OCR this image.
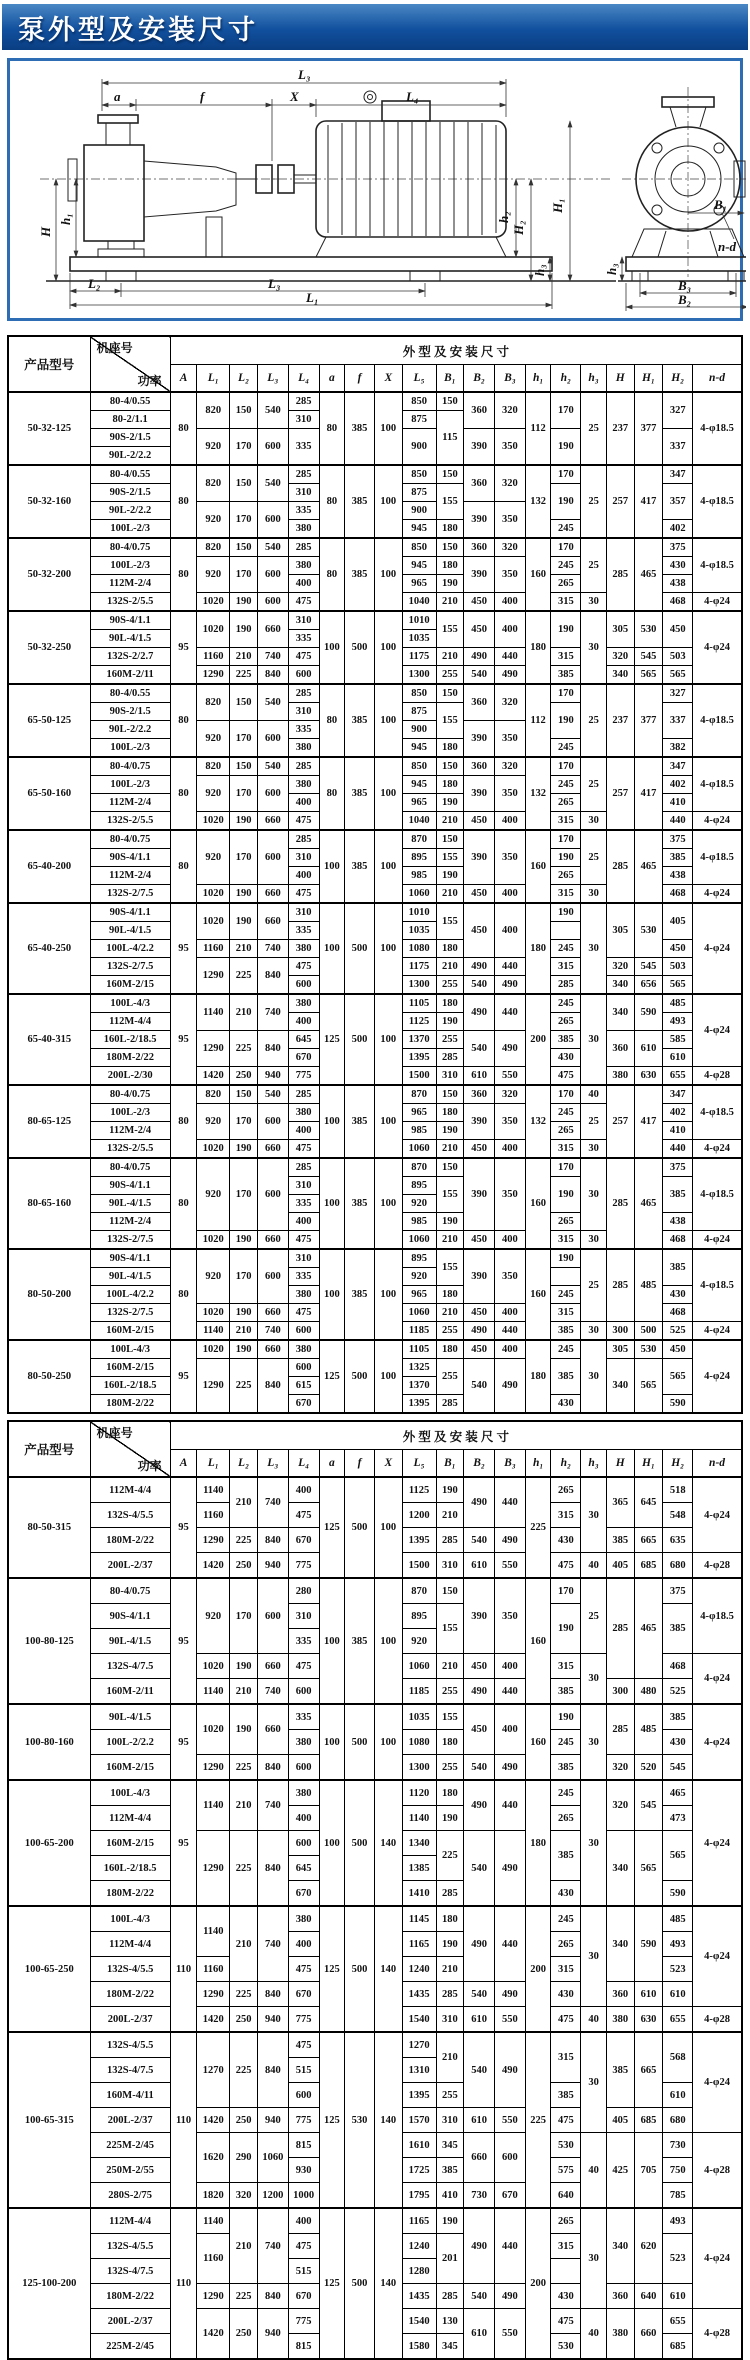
泵外型及安装尺寸
L₃
a	f	X	L₄
h₂
H₂
h₃
H₁
H
h₁
L₂	L₃
L₁
B₁
n-d
h₃
B₃
B₂
产品型号	机座号
功率	外 型 及 安 装 尺 寸																		
		A	L₁	L₂	L₃	L₄	a	f	X	L₅	B₁	B₂	B₃	h₁	h₂	h₃	H	H₁	H₂	n-d
50-32-125	80-4/0.55	80	820	150	540	285	80	385	100	850	150	360	320	112	170	25	237	377	327	4-φ18.5
	80-2/1.1					310				875	115									
	90S-2/1.5		920	170	600	335				900		390	350		190				337	
	90L-2/2.2																			
50-32-160	80-4/0.55	80	820	150	540	285	80	385	100	850	150	360	320	132	170	25	257	417	347	4-φ18.5
	90S-2/1.5					310				875	155				190				357	
	90L-2/2.2		920	170	600	335				900		390	350							
	100L-2/3					380				945	180				245				402	
50-32-200	80-4/0.75	80	820	150	540	285	80	385	100	850	150	360	320	160	170	25	285	465	375	4-φ18.5
	100L-2/3		920	170	600	380				945	180	390	350		245				430	
	112M-2/4					400				965	190				265				438	
	132S-2/5.5		1020	190	600	475				1040	210	450	400		315	30			468	4-φ24
50-32-250	90S-4/1.1	95	1020	190	660	310	100	500	100	1010	155	450	400	180	190	30	305	530	450	4-φ24
	90L-4/1.5					335				1035										
	132S-2/2.7		1160	210	740	475				1175	210	490	440		315		320	545	503	
	160M-2/11		1290	225	840	600				1300	255	540	490		385		340	565	565	
65-50-125	80-4/0.55	80	820	150	540	285	80	385	100	850	150	360	320	112	170	25	237	377	327	4-φ18.5
	90S-2/1.5					310				875	155				190				337	
	90L-2/2.2		920	170	600	335				900		390	350							
	100L-2/3					380				945	180				245				382	
65-50-160	80-4/0.75	80	820	150	540	285	80	385	100	850	150	360	320	132	170	25	257	417	347	4-φ18.5
	100L-2/3		920	170	600	380				945	180	390	350		245				402	
	112M-2/4					400				965	190				265				410	
	132S-2/5.5		1020	190	660	475				1040	210	450	400		315	30			440	4-φ24
65-40-200	80-4/0.75	80	920	170	600	285	100	385	100	870	150	390	350	160	170	25	285	465	375	4-φ18.5
	90S-4/1.1					310				895	155				190				385	
	112M-2/4					400				985	190				265				438	
	132S-2/7.5		1020	190	660	475				1060	210	450	400		315	30			468	4-φ24
65-40-250	90S-4/1.1	95	1020	190	660	310	100	500	100	1010	155	450	400	180	190	30	305	530	405	4-φ24
	90L-4/1.5					335				1035										
	100L-4/2.2		1160	210	740	380				1080	180				245				450	
	132S-2/7.5		1290	225	840	475				1175	210	490	440		315		320	545	503	
	160M-2/15					600				1300	255	540	490		285		340	656	565	
65-40-315	100L-4/3	95	1140	210	740	380	125	500	100	1105	180	490	440	200	245	30	340	590	485	4-φ24
	112M-4/4					400				1125	190				265				493	
	160L-2/18.5		1290	225	840	645				1370	255	540	490		385		360	610	585	
	180M-2/22					670				1395	285				430				610	
	200L-2/30		1420	250	940	775				1500	310	610	550		475		380	630	655	4-φ28
80-65-125	80-4/0.75	80	820	150	540	285	100	385	100	870	150	360	320	132	170	40	257	417	347	4-φ18.5
	100L-2/3		920	170	600	380				965	180	390	350		245	25			402	
	112M-2/4					400				985	190				265				410	
	132S-2/5.5		1020	190	660	475				1060	210	450	400		315	30			440	4-φ24
80-65-160	80-4/0.75	80	920	170	600	285	100	385	100	870	150	390	350	160	170	30	285	465	375	4-φ18.5
	90S-4/1.1					310				895	155				190				385	
	90L-4/1.5					335				920										
	112M-2/4					400				985	190				265				438	
	132S-2/7.5		1020	190	660	475				1060	210	450	400		315	30			468	4-φ24
80-50-200	90S-4/1.1	80	920	170	600	310	100	385	100	895	155	390	350	160	190	25	285	485	385	4-φ18.5
	90L-4/1.5					335				920										
	100L-4/2.2					380				965	180				245				430	
	132S-2/7.5		1020	190	660	475				1060	210	450	400		315				468	
	160M-2/15		1140	210	740	600				1185	255	490	440		385	30	300	500	525	4-φ24
80-50-250	100L-4/3	95	1020	190	660	380	125	500	100	1105	180	450	400	180	245	30	305	530	450	4-φ24
	160M-2/15		1290	225	840	600				1325	255	540	490		385		340	565	565	
	160L-2/18.5					615				1370										
	180M-2/22					670				1395	285				430				590	
产品型号	机座号
功率	外 型 及 安 装 尺 寸																		
		A	L₁	L₂	L₃	L₄	a	f	X	L₅	B₁	B₂	B₃	h₁	h₂	h₃	H	H₁	H₂	n-d
80-50-315	112M-4/4	95	1140	210	740	400	125	500	100	1125	190	490	440	225	265	30	365	645	518	4-φ24
	132S-4/5.5		1160			475				1200	210				315				548	
	180M-2/22		1290	225	840	670				1395	285	540	490		430		385	665	635	
	200L-2/37		1420	250	940	775				1500	310	610	550		475	40	405	685	680	4-φ28
100-80-125	80-4/0.75	95	920	170	600	280	100	385	100	870	150	390	350	160	170	25	285	465	375	4-φ18.5
	90S-4/1.1					310				895	155				190				385	
	90L-4/1.5					335				920										
	132S-4/7.5		1020	190	660	475				1060	210	450	400		315	30			468	4-φ24
	160M-2/11		1140	210	740	600				1185	255	490	440		385		300	480	525	
100-80-160	90L-4/1.5	95	1020	190	660	335	100	500	100	1035	155	450	400	160	190	30	285	485	385	4-φ24
	100L-2/2.2					380				1080	180				245				430	
	160M-2/15		1290	225	840	600				1300	255	540	490		385		320	520	545	
100-65-200	100L-4/3	95	1140	210	740	380	100	500	140	1120	180	490	440	180	245	30	320	545	465	4-φ24
	112M-4/4					400				1140	190				265				473	
	160M-2/15		1290	225	840	600				1340	225	540	490		385		340	565	565	
	160L-2/18.5					645				1385										
	180M-2/22					670				1410	285				430				590	
100-65-250	100L-4/3	110	1140	210	740	380	125	500	140	1145	180	490	440	200	245	30	340	590	485	4-φ24
	112M-4/4					400				1165	190				265				493	
	132S-4/5.5		1160			475				1240	210				315				523	
	180M-2/22		1290	225	840	670				1435	285	540	490		430		360	610	610	
	200L-2/37		1420	250	940	775				1540	310	610	550		475	40	380	630	655	4-φ28
100-65-315	132S-4/5.5	110	1270	225	840	475	125	530	140	1270	210	540	490	225	315	30	385	665	568	4-φ24
	132S-4/7.5					515				1310										
	160M-4/11					600				1395	255				385				610	
	200L-2/37		1420	250	940	775				1570	310	610	550		475		405	685	680	
	225M-2/45		1620	290	1060	815				1610	345	660	600		530	40	425	705	730	4-φ28
	250M-2/55					930				1725	385				575				750	
	280S-2/75		1820	320	1200	1000				1795	410	730	670		640				785	
125-100-200	112M-4/4	110	1140	210	740	400	125	500	140	1165	190	490	440	200	265	30	340	620	493	4-φ24
	132S-4/5.5		1160			475				1240	201				315				523	
	132S-4/7.5					515				1280										
	180M-2/22		1290	225	840	670				1435	285	540	490		430		360	640	610	
	200L-2/37		1420	250	940	775				1540	130	610	550		475	40	380	660	655	4-φ28
	225M-2/45					815				1580	345				530				685	
